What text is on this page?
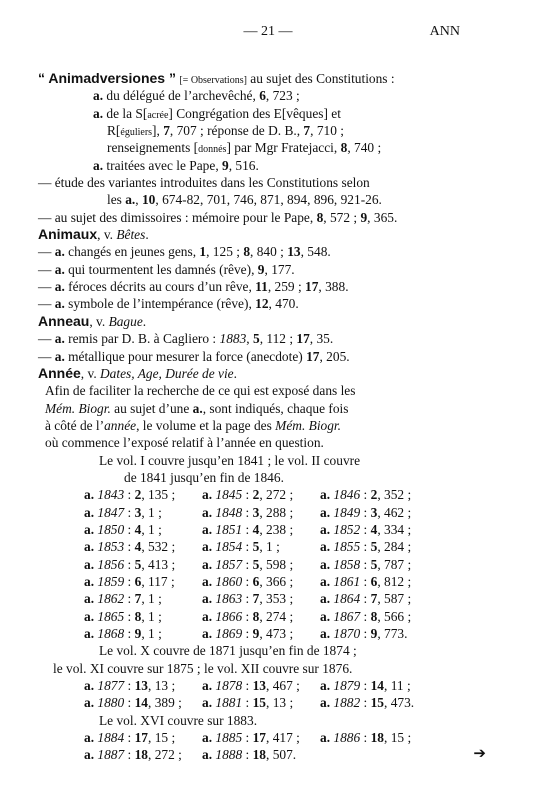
— 21 —	ANN
“ Animadversiones ” [= Observations] au sujet des Constitutions :
a. du délégué de l’archevêché, 6, 723 ;
a. de la S[acrée] Congrégation des E[vêques] et
R[éguliers], 7, 707 ; réponse de D. B., 7, 710 ;
renseignements [donnés] par Mgr Fratejacci, 8, 740 ;
a. traitées avec le Pape, 9, 516.
— étude des variantes introduites dans les Constitutions selon
les a., 10, 674-82, 701, 746, 871, 894, 896, 921-26.
— au sujet des dimissoires : mémoire pour le Pape, 8, 572 ; 9, 365.
Animaux, v. Bêtes.
— a. changés en jeunes gens, 1, 125 ; 8, 840 ; 13, 548.
— a. qui tourmentent les damnés (rêve), 9, 177.
— a. féroces décrits au cours d’un rêve, 11, 259 ; 17, 388.
— a. symbole de l’intempérance (rêve), 12, 470.
Anneau, v. Bague.
— a. remis par D. B. à Cagliero : 1883, 5, 112 ; 17, 35.
— a. métallique pour mesurer la force (anecdote) 17, 205.
Année, v. Dates, Age, Durée de vie.
Afin de faciliter la recherche de ce qui est exposé dans les
Mém. Biogr. au sujet d’une a., sont indiqués, chaque fois
à côté de l’année, le volume et la page des Mém. Biogr.
où commence l’exposé relatif à l’année en question.
Le vol. I couvre jusqu’en 1841 ; le vol. II couvre
de 1841 jusqu’en fin de 1846.
a. 1843 : 2, 135 ; a. 1845 : 2, 272 ; a. 1846 : 2, 352 ;
a. 1847 : 3, 1 ;	a. 1848 : 3, 288 ; a. 1849 : 3, 462 ;
a. 1850 : 4, 1 ;	a. 1851 : 4, 238 ; a. 1852 : 4, 334 ;
a. 1853 : 4, 532 ; a. 1854 : 5, 1 ;	a. 1855 : 5, 284 ;
a. 1856 : 5, 413 ; a. 1857 : 5, 598 ; a. 1858 : 5, 787 ;
a. 1859 : 6, 117 ; a. 1860 : 6, 366 ; a. 1861 : 6, 812 ;
a. 1862 : 7, 1 ;	a. 1863 : 7, 353 ; a. 1864 : 7, 587 ;
a. 1865 : 8, 1 ;	a. 1866 : 8, 274 ; a. 1867 : 8, 566 ;
a. 1868 : 9, 1 ;	a. 1869 : 9, 473 ; a. 1870 : 9, 773.
Le vol. X couvre de 1871 jusqu’en fin de 1874 ;
le vol. XI couvre sur 1875 ; le vol. XII couvre sur 1876.
a. 1877 : 13, 13 ; a. 1878 : 13, 467 ; a. 1879 : 14, 11 ;
a. 1880 : 14, 389 ; a. 1881 : 15, 13 ; a. 1882 : 15, 473.
Le vol. XVI couvre sur 1883.
a. 1884 : 17, 15 ; a. 1885 : 17, 417 ; a. 1886 : 18, 15 ;
a. 1887 : 18, 272 ; a. 1888 : 18, 507.	➔
